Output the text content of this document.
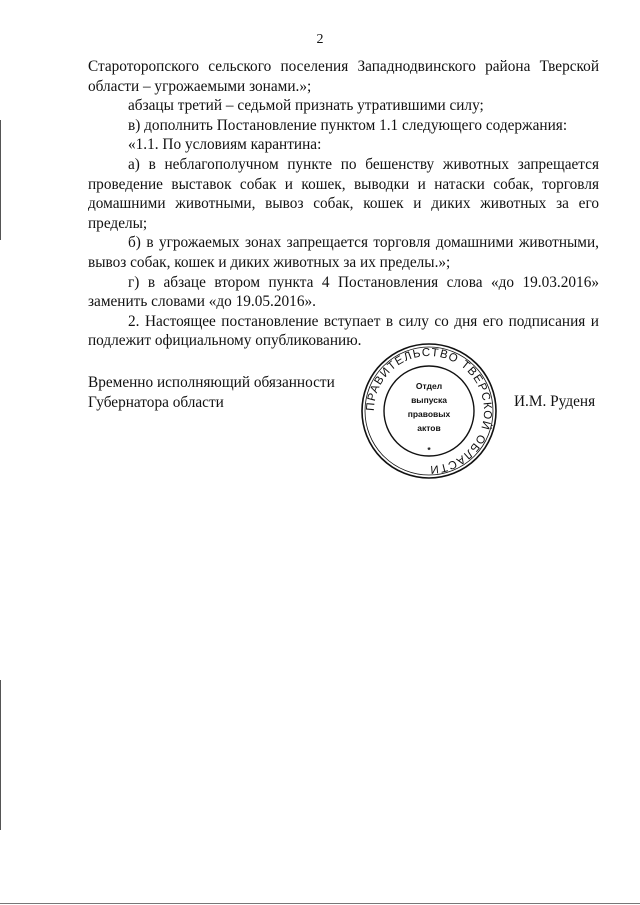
2

Староторопского сельского поселения Западнодвинского района Тверской области – угрожаемыми зонами.»;

абзацы третий – седьмой признать утратившими силу;

в) дополнить Постановление пунктом 1.1 следующего содержания:

«1.1. По условиям карантина:

а) в неблагополучном пункте по бешенству животных запрещается проведение выставок собак и кошек, выводки и натаски собак, торговля домашними животными, вывоз собак, кошек и диких животных за его пределы;

б) в угрожаемых зонах запрещается торговля домашними животными, вывоз собак, кошек и диких животных за их пределы.»;

г) в абзаце втором пункта 4 Постановления слова «до 19.03.2016» заменить словами «до 19.05.2016».

2. Настоящее постановление вступает в силу со дня его подписания и подлежит официальному опубликованию.

Временно исполняющий обязанности
Губернатора области	ПРАВИТЕЛЬСТВО ТВЕРСКОЙ ОБЛАСТИ
Отдел
выпуска
правовых
актов
*
И.М. Руденя
